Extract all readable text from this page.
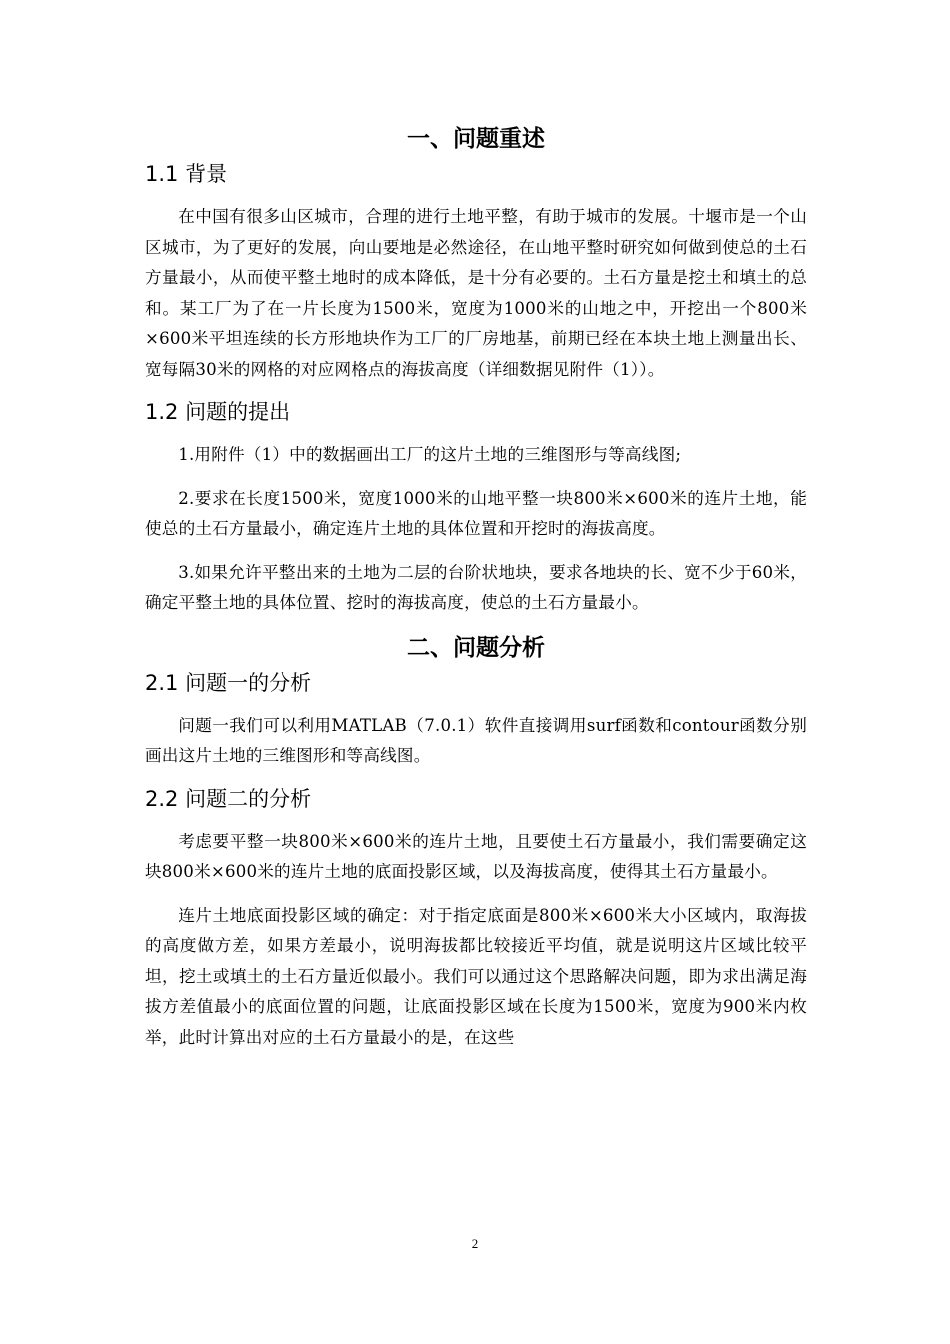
一、问题重述
1.1 背景

在中国有很多山区城市，合理的进行土地平整，有助于城市的发展。十堰市是一个山区城市，为了更好的发展，向山要地是必然途径，在山地平整时研究如何做到使总的土石方量最小，从而使平整土地时的成本降低，是十分有必要的。土石方量是挖土和填土的总和。某工厂为了在一片长度为1500米，宽度为1000米的山地之中，开挖出一个800米×600米平坦连续的长方形地块作为工厂的厂房地基，前期已经在本块土地上测量出长、宽每隔30米的网格的对应网格点的海拔高度（详细数据见附件（1））。

1.2 问题的提出

1.用附件（1）中的数据画出工厂的这片土地的三维图形与等高线图;

2.要求在长度1500米，宽度1000米的山地平整一块800米×600米的连片土地，能使总的土石方量最小，确定连片土地的具体位置和开挖时的海拔高度。

3.如果允许平整出来的土地为二层的台阶状地块，要求各地块的长、宽不少于60米，确定平整土地的具体位置、挖时的海拔高度，使总的土石方量最小。

二、问题分析
2.1 问题一的分析

问题一我们可以利用MATLAB（7.0.1）软件直接调用surf函数和contour函数分别画出这片土地的三维图形和等高线图。

2.2 问题二的分析

考虑要平整一块800米×600米的连片土地，且要使土石方量最小，我们需要确定这块800米×600米的连片土地的底面投影区域，以及海拔高度，使得其土石方量最小。

连片土地底面投影区域的确定：对于指定底面是800米×600米大小区域内，取海拔的高度做方差，如果方差最小，说明海拔都比较接近平均值，就是说明这片区域比较平坦，挖土或填土的土石方量近似最小。我们可以通过这个思路解决问题，即为求出满足海拔方差值最小的底面位置的问题，让底面投影区域在长度为1500米，宽度为900米内枚举，此时计算出对应的土石方量最小的是，在这些

2
